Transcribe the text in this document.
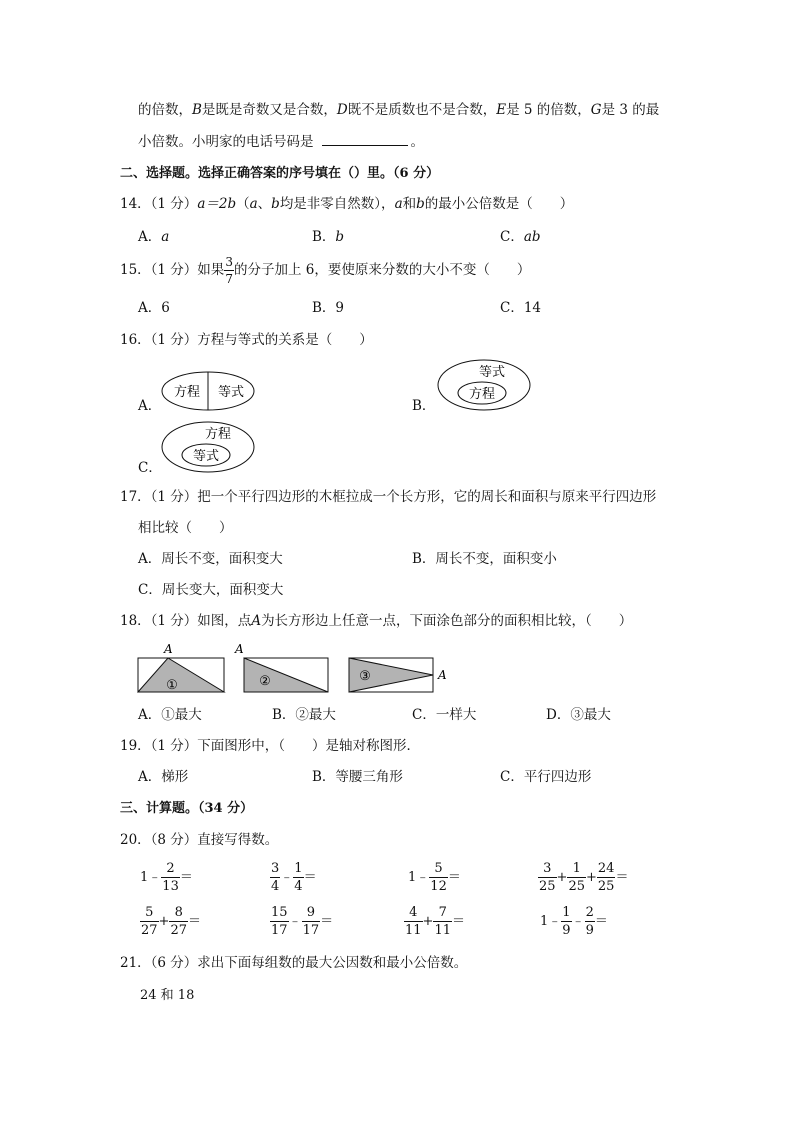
的倍数，B是既是奇数又是合数，D既不是质数也不是合数，E是 5 的倍数，G是 3 的最
小倍数。小明家的电话号码是	。
二、选择题。选择正确答案的序号填在（）里。（6 分）
14．（1 分）a＝2b（a、b均是非零自然数），a和b的最小公倍数是（　　）
A．a	B．b	C．ab
15．（1 分）如果 $\frac{3}{7}$ 的分子加上 6，要使原来分数的大小不变（　　）
A．6	B．9	C．14
16．（1 分）方程与等式的关系是（　　）
A．
方程 等式
B．
等式
方程
C．
方程
等式
17．（1 分）把一个平行四边形的木框拉成一个长方形，它的周长和面积与原来平行四边形
相比较（　　）
A．周长不变，面积变大	B．周长不变，面积变小
C．周长变大，面积变大
18．（1 分）如图，点A为长方形边上任意一点，下面涂色部分的面积相比较，（　　）
A
①
A
②	A
③
A．①最大	B．②最大	C．一样大	D．③最大
19．（1 分）下面图形中，（　　）是轴对称图形．
A．梯形	B．等腰三角形	C．平行四边形
三、计算题。（34 分）
20．（8 分）直接写得数。
1﹣ $\frac{2}{13}$ ＝	$\frac{3}{4}$ ﹣ $\frac{1}{4}$ ＝	1﹣ $\frac{5}{12}$ ＝	$\frac{3}{25} + \frac{1}{25} + \frac{24}{25}$ ＝
$\frac{5}{27} + \frac{8}{27}$ ＝	$\frac{15}{17}$ ﹣ $\frac{9}{17}$ ＝	$\frac{4}{11} + \frac{7}{11}$ ＝	1﹣ $\frac{1}{9}$ ﹣ $\frac{2}{9}$ ＝
21．（6 分）求出下面每组数的最大公因数和最小公倍数。
24 和 18
